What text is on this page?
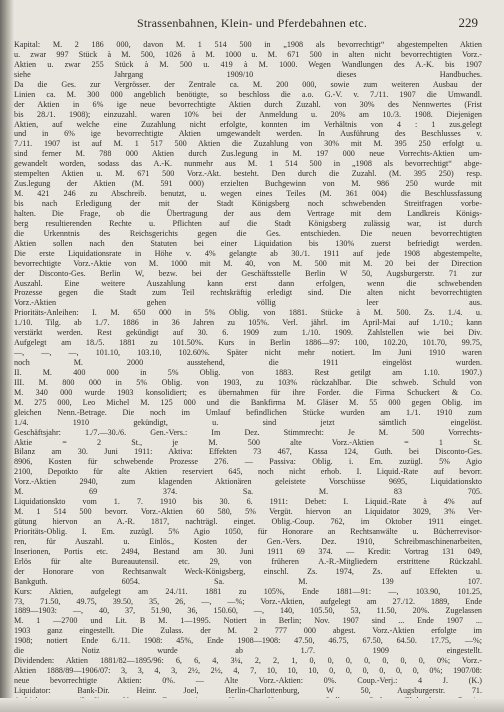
Strassenbahnen, Klein- und Pferdebahnen etc.	229
Kapital: M. 2 186 000, davon M. 1 514 500 in „1908 als bevorrechtigt“ abgestempelten Aktien
u. zwar 997 Stück à M. 500, 1026 à M. 1000 u. M. 671 500 in alten nicht bevorrechtigten Vorz.-
Aktien u. zwar 255 Stück à M. 500 u. 419 à M. 1000. Wegen Wandlungen des A.-K. bis 1907
siehe Jahrgang 1909/10 dieses Handbuches.
Da die Ges. zur Vergrösser. der Zentrale ca. M. 200 000, sowie zum weiteren Ausbau der
Linien ca. M. 300 000 angeblich benötigte, so beschloss die a.o. G.-V. v. 7./11. 1907 die Umwandl.
der Aktien in 6% ige neue bevorrechtigte Aktien durch Zuzahl. von 30% des Nennwertes (Frist
bis 28./1. 1908); einzuzahl. waren 10% bei der Anmeldung u. 20% am 10./3. 1908. Diejenigen
Aktien, auf welche eine Zuzahlung nicht erfolgte, konnten im Verhältnis von 4 : 1 zus.gelegt
und in 6% ige bevorrechtigte Aktien umgewandelt werden. In Ausführung des Beschlusses v.
7./11. 1907 ist auf M. 1 517 500 Aktien die Zuzahlung von 30% mit M. 395 250 erfolgt u.
sind ferner M. 788 000 Aktien durch Zus.legung in M. 197 000 neue Vorrechts-Aktien um-
gewandelt worden, sodass das A.-K. nunmehr aus M. 1 514 500 in „1908 als bevorrechtigt“ abge-
stempelten Aktien u. M. 671 500 Vorz.-Akt. besteht. Den durch die Zuzahl. (M. 395 250) resp.
Zus.legung der Aktien (M. 591 000) erzielten Buchgewinn von M. 986 250 wurde mit
M. 421 246 zu Abschreib. benutzt, u. wegen eines Teiles (M. 361 004) die Beschlussfassung
bis nach Erledigung der mit der Stadt Königsberg noch schwebenden Streitfragen vorbe-
halten. Die Frage, ob die Übertragung der aus dem Vertrage mit dem Landkreis Königs-
berg resultierenden Rechte u. Pflichten auf die Stadt Königsberg zulässig war, ist durch
die Urkenntnis des Reichsgerichts gegen die Ges. entschieden. Die neuen bevorrechtigten
Aktien sollen nach den Statuten bei einer Liquidation bis 130% zuerst befriedigt werden.
Die erste Liquidationsrate in Höhe v. 4% gelangte ab 30./1. 1911 auf jede 1908 abgestempelte,
bevorrechtigte Vorz.-Aktie von M. 1000 mit M. 40, von M. 500 mit M. 20 bei der Direction
der Disconto-Ges. Berlin W, bezw. bei der Geschäftsstelle Berlin W 50, Augsburgerstr. 71 zur
Auszahl. Eine weitere Auszahlung kann erst dann erfolgen, wenn die schwebenden
Prozesse gegen die Stadt zum Teil rechtskräftig erledigt sind. Die alten nicht bevorrechtigten
Vorz.-Aktien gehen völlig leer aus.
Prioritäts-Anleihen: I. M. 650 000 in 5% Oblig. von 1881. Stücke à M. 500. Zs. 1./4. u.
1./10. Tilg. ab 1./7. 1886 in 36 Jahren zu 105%. Verl. jährl. im April-Mai auf 1./10.; kann
verstärkt werden. Rest gekündigt auf 30. 6. 1909 zum 1./10. 1909. Zahlstellen wie bei Div.
Aufgelegt am 18./5. 1881 zu 101.50%. Kurs in Berlin 1886—97: 100, 102.20, 101.70, 99.75,
—, —, —, 101.10, 103.10, 102.60%. Später nicht mehr notiert. Im Juni 1910 waren
noch M. 2000 ausstehend, die 1911 eingelöst wurden.
II. M. 400 000 in 5% Oblig. von 1883. Rest getilgt am 1.10. 1907.)
III. M. 800 000 in 5% Oblig. von 1903, zu 103% rückzahlbar. Die schweb. Schuld von
M. 340 000 wurde 1903 konsolidiert; es übernahmen für ihre Forder. die Firma Schuckert & Co.
M. 275 000, Leo Michel M. 125 000 und die Bankfirma M. Gläser M. 55 000 gegen Oblig. im
gleichen Nenn.-Betrage. Die noch im Umlauf befindlichen Stücke wurden am 1./1. 1910 zum
1./4. 1910 gekündigt, u. sind jetzt sämtlich eingelöst.
Geschäftsjahr: 1./7.—30./6. Gen.-Vers.: Im Dez. Stimmrecht: Je M. 500 Vorrechts-
Aktie = 2 St., je M. 500 alte Vorz.-Aktien = 1 St.
Bilanz am 30. Juni 1911: Aktiva: Effekten 73 467, Kassa 124, Guth. bei Disconto-Ges.
8906, Kosten für schwebende Prozesse 276. — Passiva: Oblig. i. Em. zuzügl. 5% Agio
2100, Depotkto für alte Aktien reserviert 645, noch nicht erhob. I. Liquid.-Rate auf bevorr.
Vorz.-Aktien 2940, zum klagenden Aktionären geleistete Vorschüsse 9695, Liquidationskto
M. 69 374. Sa. M. 83 705.
Liquidationskto vom 1. 7. 1910 bis 30. 6. 1911: Debet: I. Liquid.-Rate à 4% auf
M. 1 514 500 bevorr. Vorz.-Aktien 60 580, 5% Vergüt. hiervon an Liquidator 3029, 3% Ver-
gütung hiervon an A.-R. 1817, nachträgl. einget. Oblig.-Coup. 762, im Oktober 1911 einget.
Prioritäts-Oblig. I. Em. zuzügl. 5% Agio 1050, für Honorare an Rechtsanwälte u. Bücherrevisor-
ren, für Auszahl. u. Einlös., Kosten der Gen.-Vers. Dez. 1910, Schreibmaschinenarbeiten,
Inserionen, Portis etc. 2494, Bestand am 30. Juni 1911 69 374. — Kredit: Vortrag 131 049,
Erlös für alte Bureauutensil. etc. 29, von früheren A.-R.-Mitgliedern erstrittene Rückzahl.
der Honorare von Rechtsanwalt Weck-Königsberg, einschl. Zs. 1974, Zs. auf Effekten u.
Bankguth. 6054. Sa. M. 139 107.
Kurs: Aktien, aufgelegt am 24./11. 1881 zu 105%, Ende 1881—91: —, 103.90, 101.25,
73, 71.50, 49.75, 39.50, 35, 26, —, —%; Vorz.-Aktien, aufgelegt am 27./12. 1889, Ende
1889—1903: —, 40, 37, 51.90, 36, 150.60, —, 140, 105.50, 53, 11.50, 20%. Zugelassen
M. 1 —2700 und Lit. B M. 1—1995. Notiert in Berlin; Nov. 1907 sind ... Ende 1907 ...
1903 ganz eingestellt. Die Zulass. der M. 2 777 000 abgest. Vorz.-Aktien erfolgte im
1908; notiert Ende 6./11. 1908: 45%, Ende 1908—1908: 47.50, 46.75, 67.50, 64.50. 17.75, —%;
die Notiz wurde ab 1./7. 1909 eingestellt.
Dividenden: Aktien 1881/82—1895/96: 6, 6, 4, 3¼, 2, 2, 1, 0, 0, 0, 0, 0, 0, 0, 0%; Vorz.-
Aktien 1888/89—1906/07: 3, 3, 4, 3, 2½, 2½, 4, 7, 10, 10, 10, 0, 0, 0, 0, 0, 0, 0%; 1907/08:
neue bevorrechtigte Aktien: 0%. — Alte Vorz.-Aktien: 0%. Coup.-Verj.: 4 J. (K.)
Liquidator: Bank-Dir. Heinr. Joel, Berlin-Charlottenburg, W 50, Augsburgerstr. 71.
